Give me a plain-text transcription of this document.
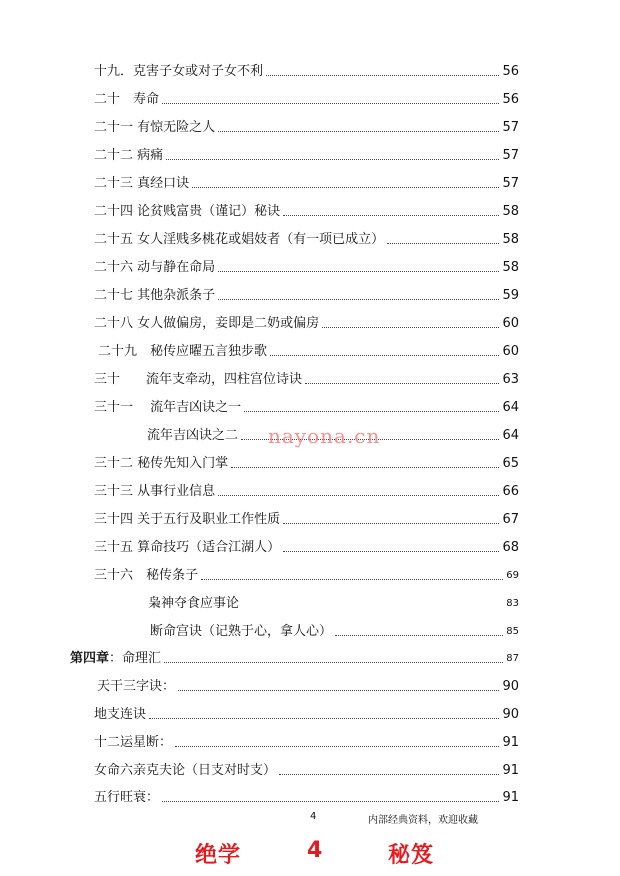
十九．克害子女或对子女不利	56
二十　寿命	56
二十一 有惊无险之人	57
二十二 病痛	57
二十三 真经口诀	57
二十四 论贫贱富贵（谨记）秘诀	58
二十五 女人淫贱多桃花或娼妓者（有一项已成立）	58
二十六 动与静在命局	58
二十七 其他杂派条子	59
二十八 女人做偏房，妾即是二奶或偏房	60
二十九　秘传应曜五言独步歌	60
三十　　流年支牵动，四柱宫位诗诀	63
三十一　 流年吉凶诀之一	64
流年吉凶诀之二	64
三十二 秘传先知入门掌	65
三十三 从事行业信息	66
三十四 关于五行及职业工作性质	67
三十五 算命技巧（适合江湖人）	68
三十六　秘传条子	69
枭神夺食应事论	83
断命宫诀（记熟于心，拿人心）	85
第四章：命理汇	87
天干三字诀：	90
地支连诀	90
十二运星断：	91
女命六亲克夫论（日支对时支）	91
五行旺衰：	91
nayona.cn
4	内部经典资料，欢迎收藏
绝学	4	秘笈
